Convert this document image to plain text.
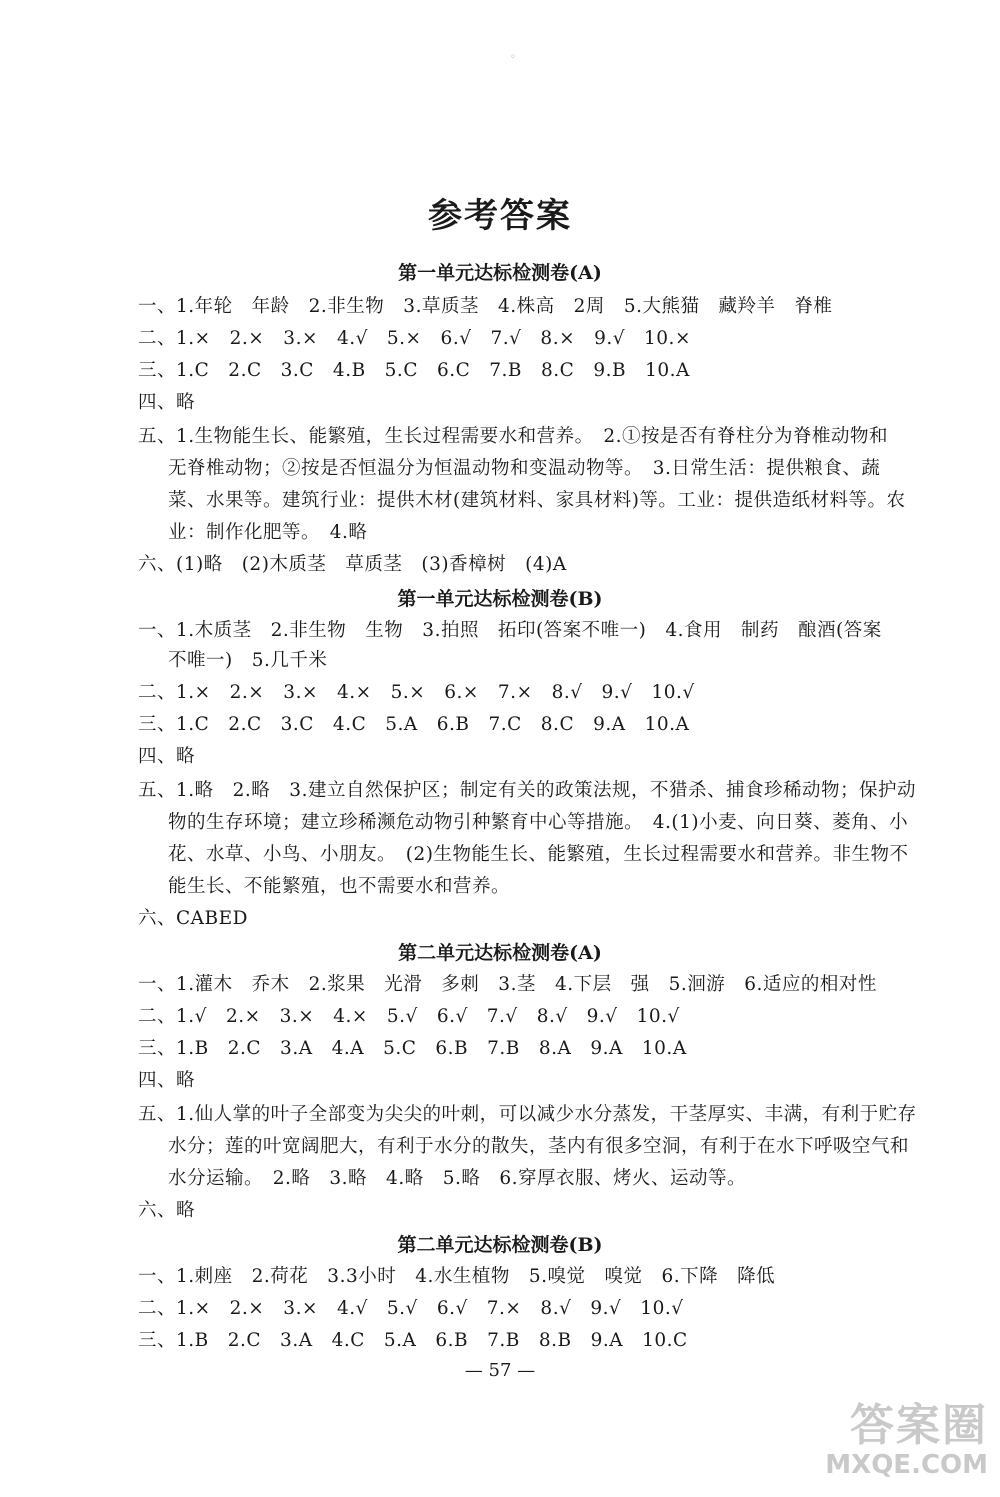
◦
参考答案
第一单元达标检测卷(A)
一、1.年轮　年龄　2.非生物　3.草质茎　4.株高　2周　5.大熊猫　藏羚羊　脊椎
二、1.×　2.×　3.×　4.√　5.×　6.√　7.√　8.×　9.√　10.×
三、1.C　2.C　3.C　4.B　5.C　6.C　7.B　8.C　9.B　10.A
四、略
五、1.生物能生长、能繁殖，生长过程需要水和营养。　2.①按是否有脊柱分为脊椎动物和
无脊椎动物；②按是否恒温分为恒温动物和变温动物等。　3.日常生活：提供粮食、蔬
菜、水果等。建筑行业：提供木材(建筑材料、家具材料)等。工业：提供造纸材料等。农
业：制作化肥等。　4.略
六、(1)略　(2)木质茎　草质茎　(3)香樟树　(4)A
第一单元达标检测卷(B)
一、1.木质茎　2.非生物　生物　3.拍照　拓印(答案不唯一)　4.食用　制药　酿酒(答案
不唯一)　5.几千米
二、1.×　2.×　3.×　4.×　5.×　6.×　7.×　8.√　9.√　10.√
三、1.C　2.C　3.C　4.C　5.A　6.B　7.C　8.C　9.A　10.A
四、略
五、1.略　2.略　3.建立自然保护区；制定有关的政策法规，不猎杀、捕食珍稀动物；保护动
物的生存环境；建立珍稀濒危动物引种繁育中心等措施。　4.(1)小麦、向日葵、菱角、小
花、水草、小鸟、小朋友。　(2)生物能生长、能繁殖，生长过程需要水和营养。非生物不
能生长、不能繁殖，也不需要水和营养。
六、CABED
第二单元达标检测卷(A)
一、1.灌木　乔木　2.浆果　光滑　多刺　3.茎　4.下层　强　5.洄游　6.适应的相对性
二、1.√　2.×　3.×　4.×　5.√　6.√　7.√　8.√　9.√　10.√
三、1.B　2.C　3.A　4.A　5.C　6.B　7.B　8.A　9.A　10.A
四、略
五、1.仙人掌的叶子全部变为尖尖的叶刺，可以减少水分蒸发，干茎厚实、丰满，有利于贮存
水分；莲的叶宽阔肥大，有利于水分的散失，茎内有很多空洞，有利于在水下呼吸空气和
水分运输。　2.略　3.略　4.略　5.略　6.穿厚衣服、烤火、运动等。
六、略
第二单元达标检测卷(B)
一、1.刺座　2.荷花　3.3小时　4.水生植物　5.嗅觉　嗅觉　6.下降　降低
二、1.×　2.×　3.×　4.√　5.√　6.√　7.×　8.√　9.√　10.√
三、1.B　2.C　3.A　4.C　5.A　6.B　7.B　8.B　9.A　10.C
— 57 —
答案圈
MXQE.COM
